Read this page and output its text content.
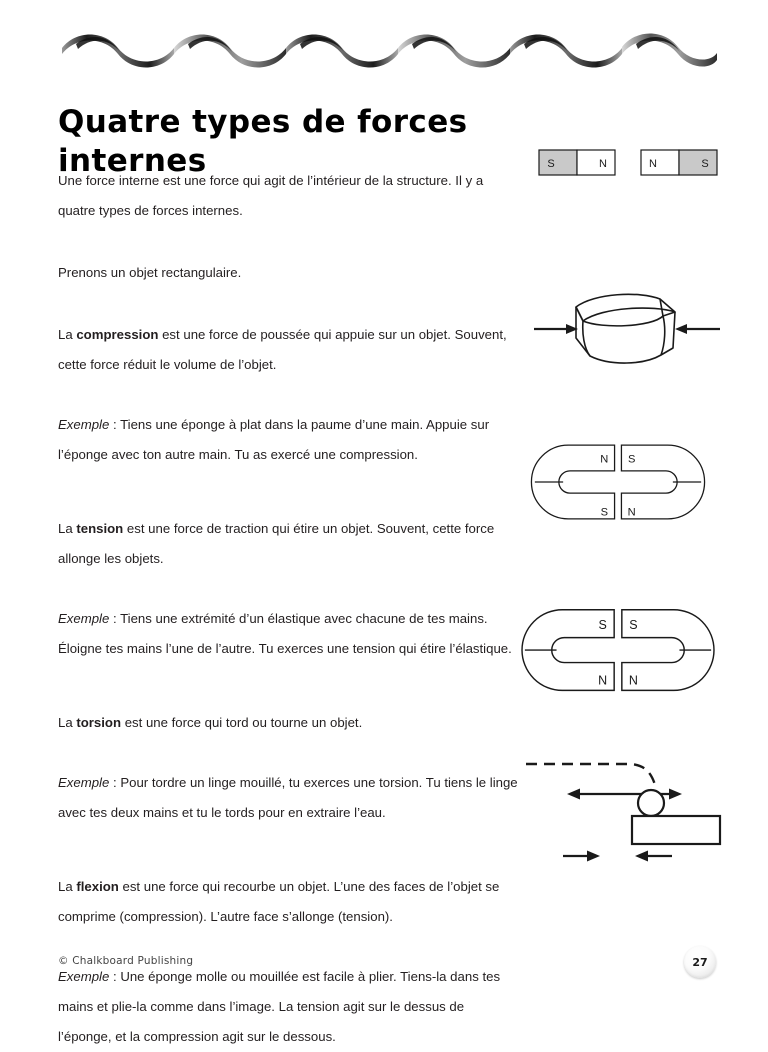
Quatre types de forces internes

Une force interne est une force qui agit de l’intérieur de la structure. Il y a quatre types de forces internes.

Prenons un objet rectangulaire.

La compression est une force de poussée qui appuie sur un objet. Souvent, cette force réduit le volume de l’objet.

Exemple : Tiens une éponge à plat dans la paume d’une main. Appuie sur l’éponge avec ton autre main. Tu as exercé une compression.

La tension est une force de traction qui étire un objet. Souvent, cette force allonge les objets.

Exemple : Tiens une extrémité d’un élastique avec chacune de tes mains. Éloigne tes mains l’une de l’autre. Tu exerces une tension qui étire l’élastique.

La torsion est une force qui tord ou tourne un objet.

Exemple : Pour tordre un linge mouillé, tu exerces une torsion. Tu tiens le linge avec tes deux mains et tu le tords pour en extraire l’eau.

La flexion est une force qui recourbe un objet. L’une des faces de l’objet se comprime (compression). L’autre face s’allonge (tension).

Exemple : Une éponge molle ou mouillée est facile à plier. Tiens-la dans tes mains et plie-la comme dans l’image. La tension agit sur le dessus de l’éponge, et la compression agit sur le dessous.

S	N	N	S
N S
S N
S S
N N
© Chalkboard Publishing	27
